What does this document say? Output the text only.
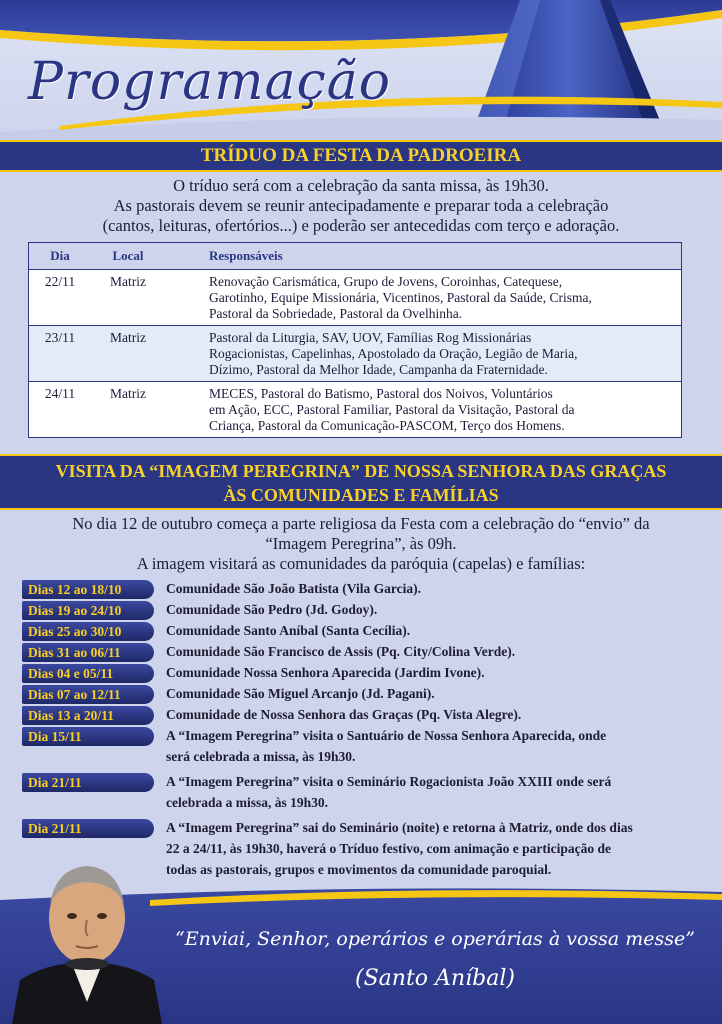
Programação
TRÍDUO DA FESTA DA PADROEIRA
O tríduo será com a celebração da santa missa, às 19h30.
As pastorais devem se reunir antecipadamente e preparar toda a celebração
(cantos, leituras, ofertórios...) e poderão ser antecedidas com terço e adoração.
Dia	Local	Responsáveis
22/11	Matriz	Renovação Carismática, Grupo de Jovens, Coroinhas, Catequese,
Garotinho, Equipe Missionária, Vicentinos, Pastoral da Saúde, Crisma,
Pastoral da Sobriedade, Pastoral da Ovelhinha.
23/11	Matriz	Pastoral da Liturgia, SAV, UOV, Famílias Rog Missionárias
Rogacionistas, Capelinhas, Apostolado da Oração, Legião de Maria,
Dízimo, Pastoral da Melhor Idade, Campanha da Fraternidade.
24/11	Matriz	MECES, Pastoral do Batismo, Pastoral dos Noivos, Voluntários
em Ação, ECC, Pastoral Familiar, Pastoral da Visitação, Pastoral da
Criança, Pastoral da Comunicação-PASCOM, Terço dos Homens.
VISITA DA “IMAGEM PEREGRINA” DE NOSSA SENHORA DAS GRAÇAS
ÀS COMUNIDADES E FAMÍLIAS
No dia 12 de outubro começa a parte religiosa da Festa com a celebração do “envio” da
“Imagem Peregrina”, às 09h.
A imagem visitará as comunidades da paróquia (capelas) e famílias:
Dias 12 ao 18/10	Comunidade São João Batista (Vila Garcia).
Dias 19 ao 24/10	Comunidade São Pedro (Jd. Godoy).
Dias 25 ao 30/10	Comunidade Santo Aníbal (Santa Cecília).
Dias 31 ao 06/11	Comunidade São Francisco de Assis (Pq. City/Colina Verde).
Dias 04 e 05/11	Comunidade Nossa Senhora Aparecida (Jardim Ivone).
Dias 07 ao 12/11	Comunidade São Miguel Arcanjo (Jd. Pagani).
Dias 13 a 20/11	Comunidade de Nossa Senhora das Graças (Pq. Vista Alegre).
Dia 15/11	A “Imagem Peregrina” visita o Santuário de Nossa Senhora Aparecida, onde
será celebrada a missa, às 19h30.
Dia 21/11	A “Imagem Peregrina” visita o Seminário Rogacionista João XXIII onde será
celebrada a missa, às 19h30.
Dia 21/11	A “Imagem Peregrina” sai do Seminário (noite) e retorna à Matriz, onde dos dias
22 a 24/11, às 19h30, haverá o Tríduo festivo, com animação e participação de
todas as pastorais, grupos e movimentos da comunidade paroquial.
“Enviai, Senhor, operários e operárias à vossa messe”
(Santo Aníbal)
